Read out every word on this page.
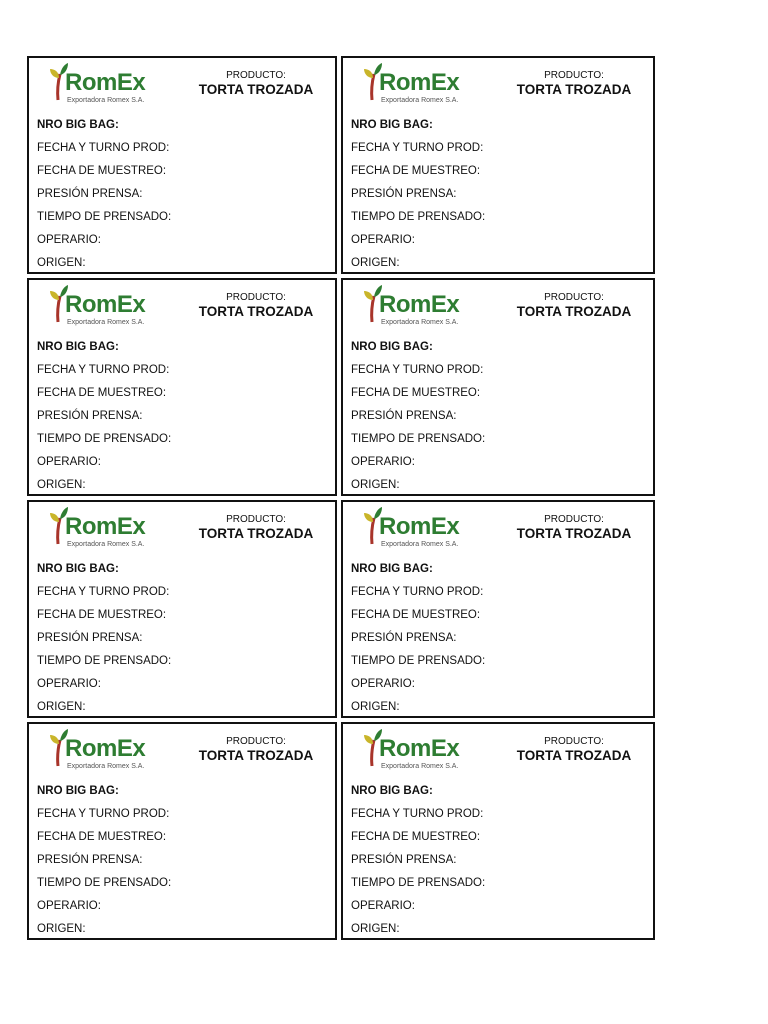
RomEx
Exportadora Romex S.A.
PRODUCTO:
TORTA TROZADA
NRO BIG BAG:
FECHA Y TURNO PROD:
FECHA DE MUESTREO:
PRESIÓN PRENSA:
TIEMPO DE PRENSADO:
OPERARIO:
ORIGEN:
RomEx
Exportadora Romex S.A.
PRODUCTO:
TORTA TROZADA
NRO BIG BAG:
FECHA Y TURNO PROD:
FECHA DE MUESTREO:
PRESIÓN PRENSA:
TIEMPO DE PRENSADO:
OPERARIO:
ORIGEN:
RomEx
Exportadora Romex S.A.
PRODUCTO:
TORTA TROZADA
NRO BIG BAG:
FECHA Y TURNO PROD:
FECHA DE MUESTREO:
PRESIÓN PRENSA:
TIEMPO DE PRENSADO:
OPERARIO:
ORIGEN:
RomEx
Exportadora Romex S.A.
PRODUCTO:
TORTA TROZADA
NRO BIG BAG:
FECHA Y TURNO PROD:
FECHA DE MUESTREO:
PRESIÓN PRENSA:
TIEMPO DE PRENSADO:
OPERARIO:
ORIGEN:
RomEx
Exportadora Romex S.A.
PRODUCTO:
TORTA TROZADA
NRO BIG BAG:
FECHA Y TURNO PROD:
FECHA DE MUESTREO:
PRESIÓN PRENSA:
TIEMPO DE PRENSADO:
OPERARIO:
ORIGEN:
RomEx
Exportadora Romex S.A.
PRODUCTO:
TORTA TROZADA
NRO BIG BAG:
FECHA Y TURNO PROD:
FECHA DE MUESTREO:
PRESIÓN PRENSA:
TIEMPO DE PRENSADO:
OPERARIO:
ORIGEN:
RomEx
Exportadora Romex S.A.
PRODUCTO:
TORTA TROZADA
NRO BIG BAG:
FECHA Y TURNO PROD:
FECHA DE MUESTREO:
PRESIÓN PRENSA:
TIEMPO DE PRENSADO:
OPERARIO:
ORIGEN:
RomEx
Exportadora Romex S.A.
PRODUCTO:
TORTA TROZADA
NRO BIG BAG:
FECHA Y TURNO PROD:
FECHA DE MUESTREO:
PRESIÓN PRENSA:
TIEMPO DE PRENSADO:
OPERARIO:
ORIGEN:
